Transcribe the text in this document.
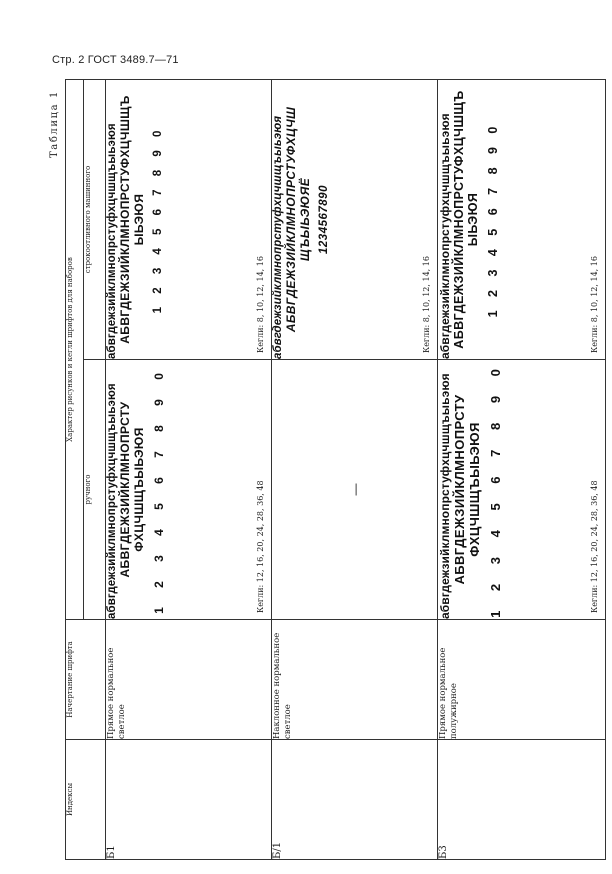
Стр. 2 ГОСТ 3489.7—71
Таблица 1
Индексы	Начертание шрифта	Характер рисунков и кегли шрифтов для наборов	
		ручного	строкоотливного машинного
Б1	Прямое нормальное светлое	абвгдежзийклмнопрстуфхцчшщъыьэюя АБВГДЕЖЗИЙКЛМНОПРСТУ ФХЦЧШЩЪЫЬЭЮЯ 1 2 3 4 5 6 7 8 9 0 Кегли: 12, 16, 20, 24, 28, 36, 48	абвгдежзийклмнопрстуфхцчшщъыьэюя АБВГДЕЖЗИЙКЛМНОПРСТУФХЦЧШЩЪ ЫЬЭЮЯ 1 2 3 4 5 6 7 8 9 0
Кегли: 8, 10, 12, 14, 16

Б/1	Наклонное нормальное светлое	—	абвгдежзийклмнопрстуфхцчшщъыьэюя АБВГДЕЖЗИЙКЛМНОПРСТУФХЦЧШ ЩЪЫЬЭЮЯЁ 1234567890
Кегли: 8, 10, 12, 14, 16

Б3	Прямое нормальное полужирное	абвгдежзийклмнопрстуфхцчшщъыьэюя АБВГДЕЖЗИЙКЛМНОПРСТУ ФХЦЧШЩЪЫЬЭЮЯ 1 2 3 4 5 6 7 8 9 0 Кегли: 12, 16, 20, 24, 28, 36, 48	абвгдежзийклмнопрстуфхцчшщъыьэюя АБВГДЕЖЗИЙКЛМНОПРСТУФХЦЧШЩЪ ЫЬЭЮЯ 1 2 3 4 5 6 7 8 9 0
Кегли: 8, 10, 12, 14, 16
